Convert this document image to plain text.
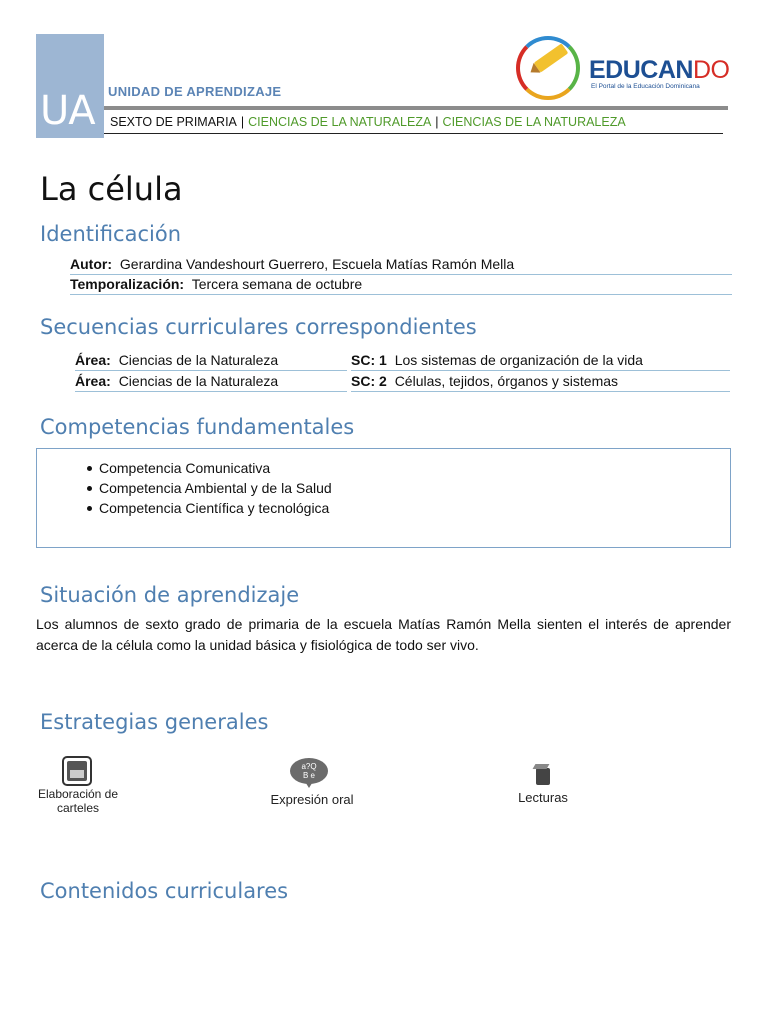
UA UNIDAD DE APRENDIZAJE
SEXTO DE PRIMARIA | CIENCIAS DE LA NATURALEZA | CIENCIAS DE LA NATURALEZA
EDUCANDO
El Portal de la Educación Dominicana
La célula
Identificación
Autor: Gerardina Vandeshourt Guerrero, Escuela Matías Ramón Mella
Temporalización: Tercera semana de octubre
Secuencias curriculares correspondientes
Área: Ciencias de la Naturaleza	SC: 1 Los sistemas de organización de la vida
Área: Ciencias de la Naturaleza	SC: 2 Células, tejidos, órganos y sistemas
Competencias fundamentales
Competencia Comunicativa
Competencia Ambiental y de la Salud
Competencia Científica y tecnológica
Situación de aprendizaje
Los alumnos de sexto grado de primaria de la escuela Matías Ramón Mella sienten el interés de aprender acerca de la célula como la unidad básica y fisiológica de todo ser vivo.
Estrategias generales
Elaboración de
carteles
a?Q
B e
Expresión oral	Lecturas
Contenidos curriculares
